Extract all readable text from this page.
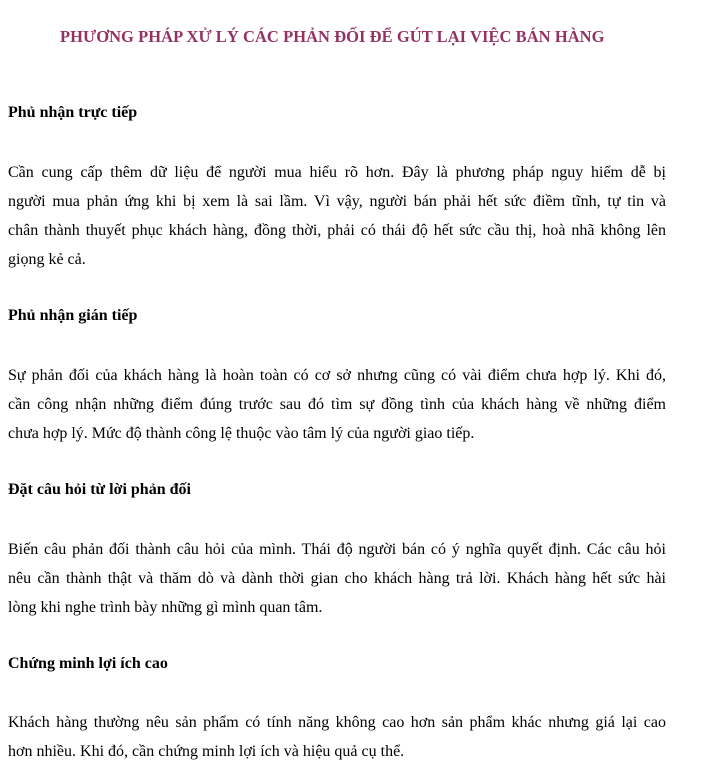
PHƯƠNG PHÁP XỬ LÝ CÁC PHẢN ĐỐI ĐỂ GÚT LẠI VIỆC BÁN HÀNG
Phủ nhận trực tiếp

Cần cung cấp thêm dữ liệu để người mua hiểu rõ hơn. Đây là phương pháp nguy hiểm dễ bị
người mua phản ứng khi bị xem là sai lầm. Vì vậy, người bán phải hết sức điềm tĩnh, tự tin và
chân thành thuyết phục khách hàng, đồng thời, phải có thái độ hết sức cầu thị, hoà nhã không lên
giọng kẻ cả.

Phủ nhận gián tiếp

Sự phản đối của khách hàng là hoàn toàn có cơ sở nhưng cũng có vài điểm chưa hợp lý. Khi đó,
cần công nhận những điểm đúng trước sau đó tìm sự đồng tình của khách hàng về những điểm
chưa hợp lý. Mức độ thành công lệ thuộc vào tâm lý của người giao tiếp.

Đặt câu hỏi từ lời phản đối

Biến câu phản đối thành câu hỏi của mình. Thái độ người bán có ý nghĩa quyết định. Các câu hỏi
nêu cần thành thật và thăm dò và dành thời gian cho khách hàng trả lời. Khách hàng hết sức hài
lòng khi nghe trình bày những gì mình quan tâm.

Chứng minh lợi ích cao

Khách hàng thường nêu sản phẩm có tính năng không cao hơn sản phẩm khác nhưng giá lại cao
hơn nhiều. Khi đó, cần chứng minh lợi ích và hiệu quả cụ thể.
